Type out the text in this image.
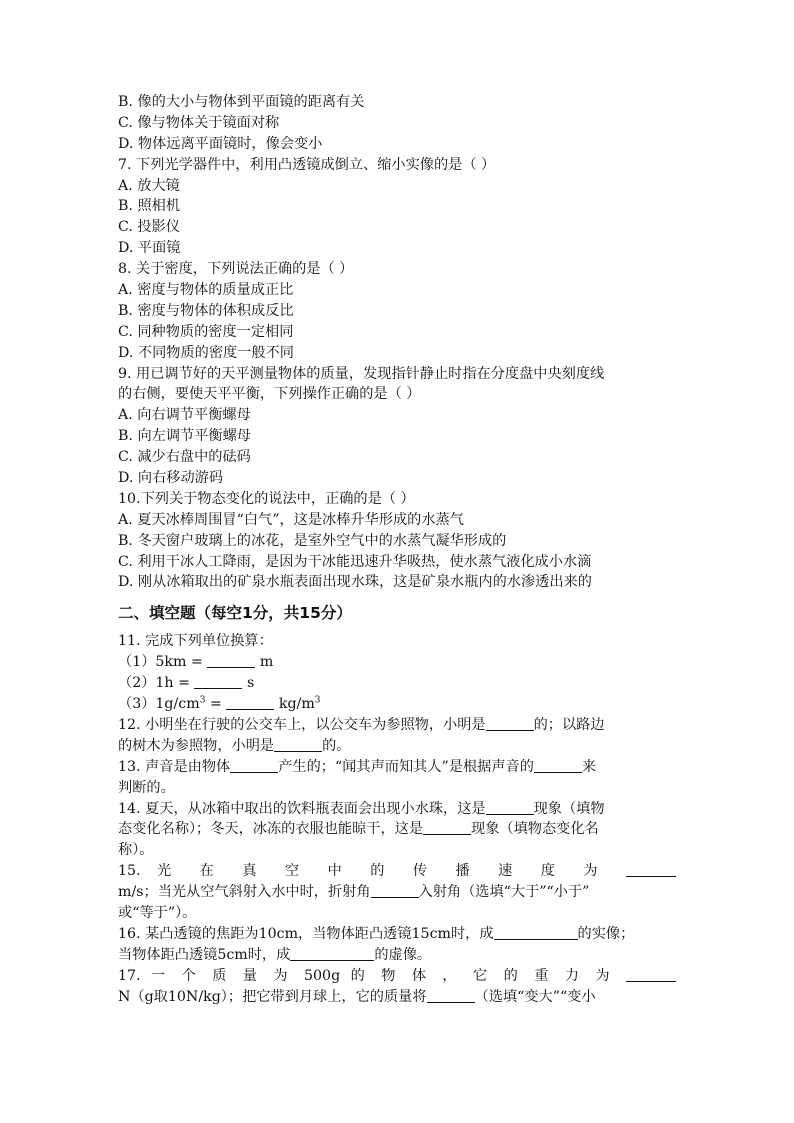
B. 像的大小与物体到平面镜的距离有关
C. 像与物体关于镜面对称
D. 物体远离平面镜时，像会变小
7. 下列光学器件中，利用凸透镜成倒立、缩小实像的是（ ）
A. 放大镜
B. 照相机
C. 投影仪
D. 平面镜
8. 关于密度，下列说法正确的是（ ）
A. 密度与物体的质量成正比
B. 密度与物体的体积成反比
C. 同种物质的密度一定相同
D. 不同物质的密度一般不同
9. 用已调节好的天平测量物体的质量，发现指针静止时指在分度盘中央刻度线
的右侧，要使天平平衡，下列操作正确的是（ ）
A. 向右调节平衡螺母
B. 向左调节平衡螺母
C. 减少右盘中的砝码
D. 向右移动游码
10.下列关于物态变化的说法中，正确的是（ ）
A. 夏天冰棒周围冒“白气”，这是冰棒升华形成的水蒸气
B. 冬天窗户玻璃上的冰花，是室外空气中的水蒸气凝华形成的
C. 利用干冰人工降雨，是因为干冰能迅速升华吸热，使水蒸气液化成小水滴
D. 刚从冰箱取出的矿泉水瓶表面出现水珠，这是矿泉水瓶内的水渗透出来的
二、填空题（每空1分，共15分）
11. 完成下列单位换算：
（1）5km =	m
（2）1h =	s
$(3)1g/cm^3$ =	$kg/m^3$
12. 小明坐在行驶的公交车上，以公交车为参照物，小明是	的；以路边
的树木为参照物，小明是	的。
13. 声音是由物体	产生的；“闻其声而知其人”是根据声音的	来
判断的。
14. 夏天，从冰箱中取出的饮料瓶表面会出现小水珠，这是	现象（填物
态变化名称）；冬天，冰冻的衣服也能晾干，这是	现象（填物态变化名
称）。
15. 光 在 真 空 中 的 传 播 速 度 为
m/s；当光从空气斜射入水中时，折射角	入射角（选填“大于”“小于”
或“等于”）。
16. 某凸透镜的焦距为10cm，当物体距凸透镜15cm时，成	的实像；
当物体距凸透镜5cm时，成	的虚像。
17. 一 个 质 量 为 500g 的 物 体 ， 它 的 重 力 为
N（g取10N/kg）；把它带到月球上，它的质量将	（选填“变大”“变小
